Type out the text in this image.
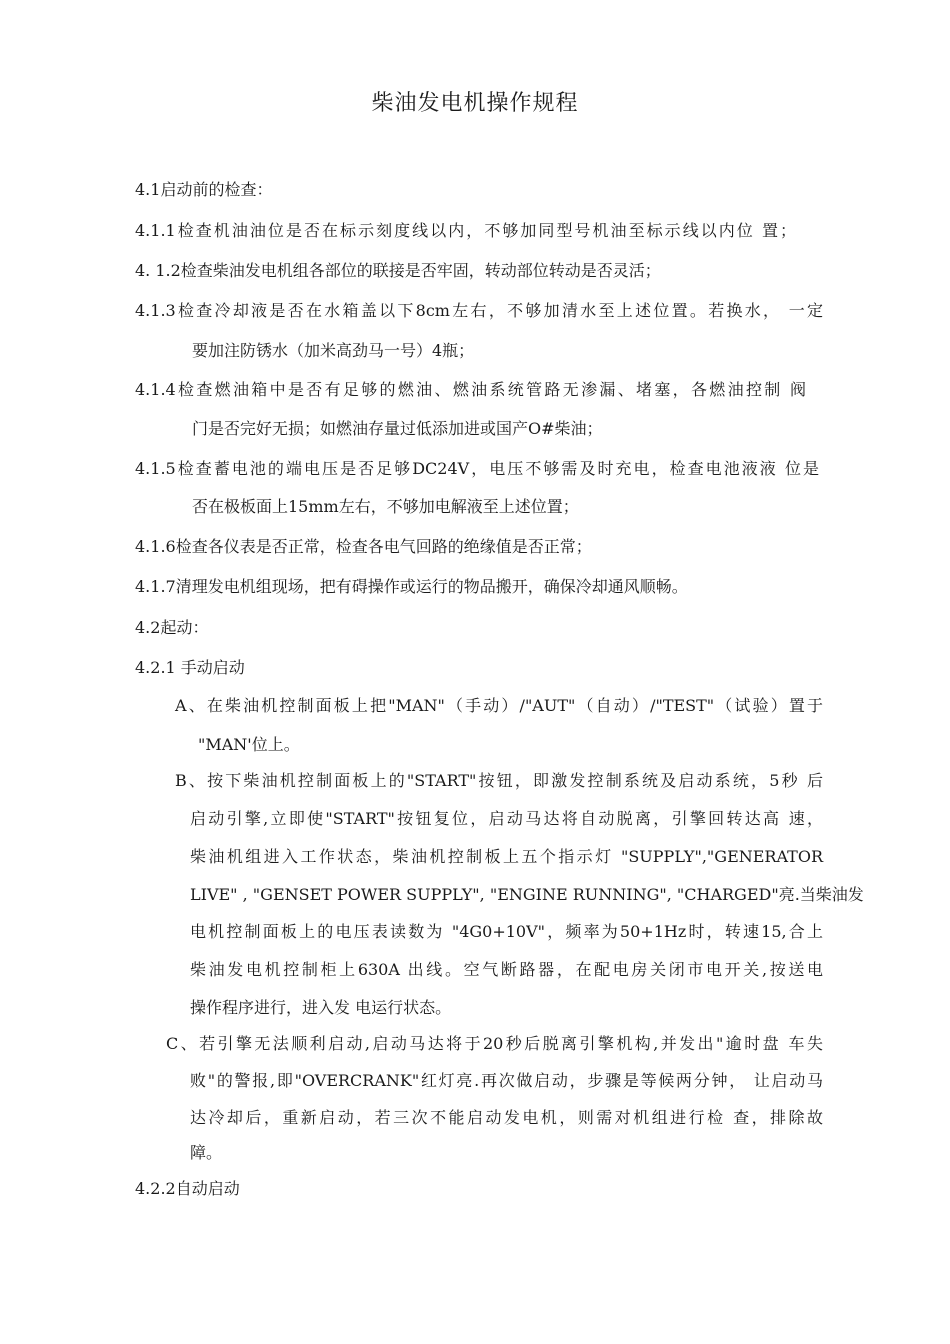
柴油发电机操作规程
4.1启动前的检查：
4.1.1检查机油油位是否在标示刻度线以内，不够加同型号机油至标示线以内位 置；
4. 1.2检查柴油发电机组各部位的联接是否牢固，转动部位转动是否灵活；
4.1.3检查冷却液是否在水箱盖以下8cm左右，不够加清水至上述位置。若换水， 一定
要加注防锈水（加米高劲马一号）4瓶；
4.1.4检查燃油箱中是否有足够的燃油、燃油系统管路无渗漏、堵塞，各燃油控制 阀
门是否完好无损；如燃油存量过低添加进或国产O#柴油；
4.1.5检查蓄电池的端电压是否足够DC24V，电压不够需及时充电，检查电池液液 位是
否在极板面上15mm左右，不够加电解液至上述位置；
4.1.6检查各仪表是否正常，检查各电气回路的绝缘值是否正常；
4.1.7清理发电机组现场，把有碍操作或运行的物品搬开，确保冷却通风顺畅。
4.2起动：
4.2.1 手动启动
A、在柴油机控制面板上把"MAN"（手动）/"AUT"（自动）/"TEST"（试验）置于
"MAN'位上。
B、按下柴油机控制面板上的"START"按钮，即激发控制系统及启动系统，5秒 后
启动引擎,立即使"START"按钮复位，启动马达将自动脱离，引擎回转达高 速，
柴油机组进入工作状态，柴油机控制板上五个指示灯 "SUPPLY","GENERATOR
LIVE" , "GENSET POWER SUPPLY", "ENGINE RUNNING", "CHARGED"亮.当柴油发
电机控制面板上的电压表读数为 "4G0+10V"，频率为50+1Hz时，转速15,合上
柴油发电机控制柜上630A 出线。空气断路器，在配电房关闭市电开关,按送电
操作程序进行，进入发 电运行状态。
C、若引擎无法顺利启动,启动马达将于20秒后脱离引擎机构,并发出"逾时盘 车失
败"的警报,即"OVERCRANK"红灯亮.再次做启动，步骤是等候两分钟， 让启动马
达冷却后，重新启动，若三次不能启动发电机，则需对机组进行检 查，排除故
障。
4.2.2自动启动
